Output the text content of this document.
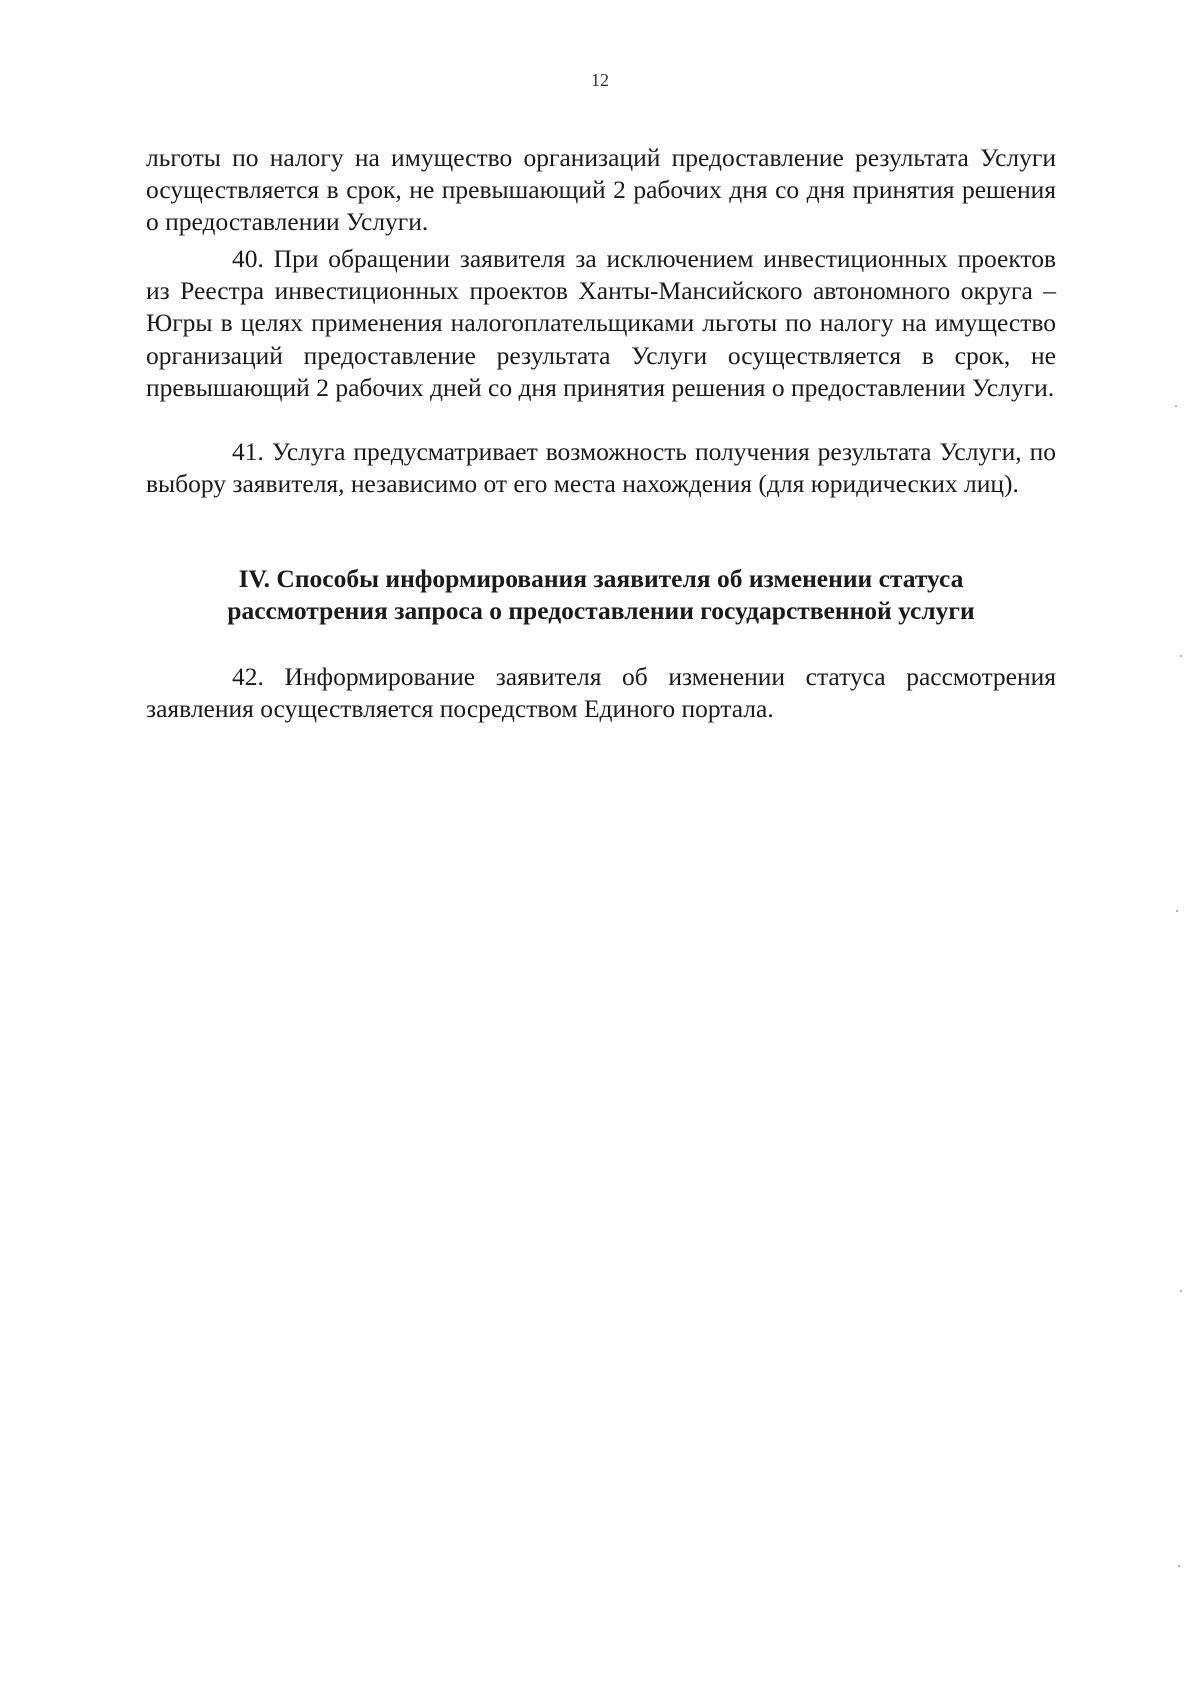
12

льготы по налогу на имущество организаций предоставление результата Услуги осуществляется в срок, не превышающий 2 рабочих дня со дня принятия решения о предоставлении Услуги.

40. При обращении заявителя за исключением инвестиционных проектов из Реестра инвестиционных проектов Ханты-Мансийского автономного округа – Югры в целях применения налогоплательщиками льготы по налогу на имущество организаций предоставление результата Услуги осуществляется в срок, не превышающий 2 рабочих дней со дня принятия решения о предоставлении Услуги.

41. Услуга предусматривает возможность получения результата Услуги, по выбору заявителя, независимо от его места нахождения (для юридических лиц).

IV. Способы информирования заявителя об изменении статуса

рассмотрения запроса о предоставлении государственной услуги

42. Информирование заявителя об изменении статуса рассмотрения заявления осуществляется посредством Единого портала.
